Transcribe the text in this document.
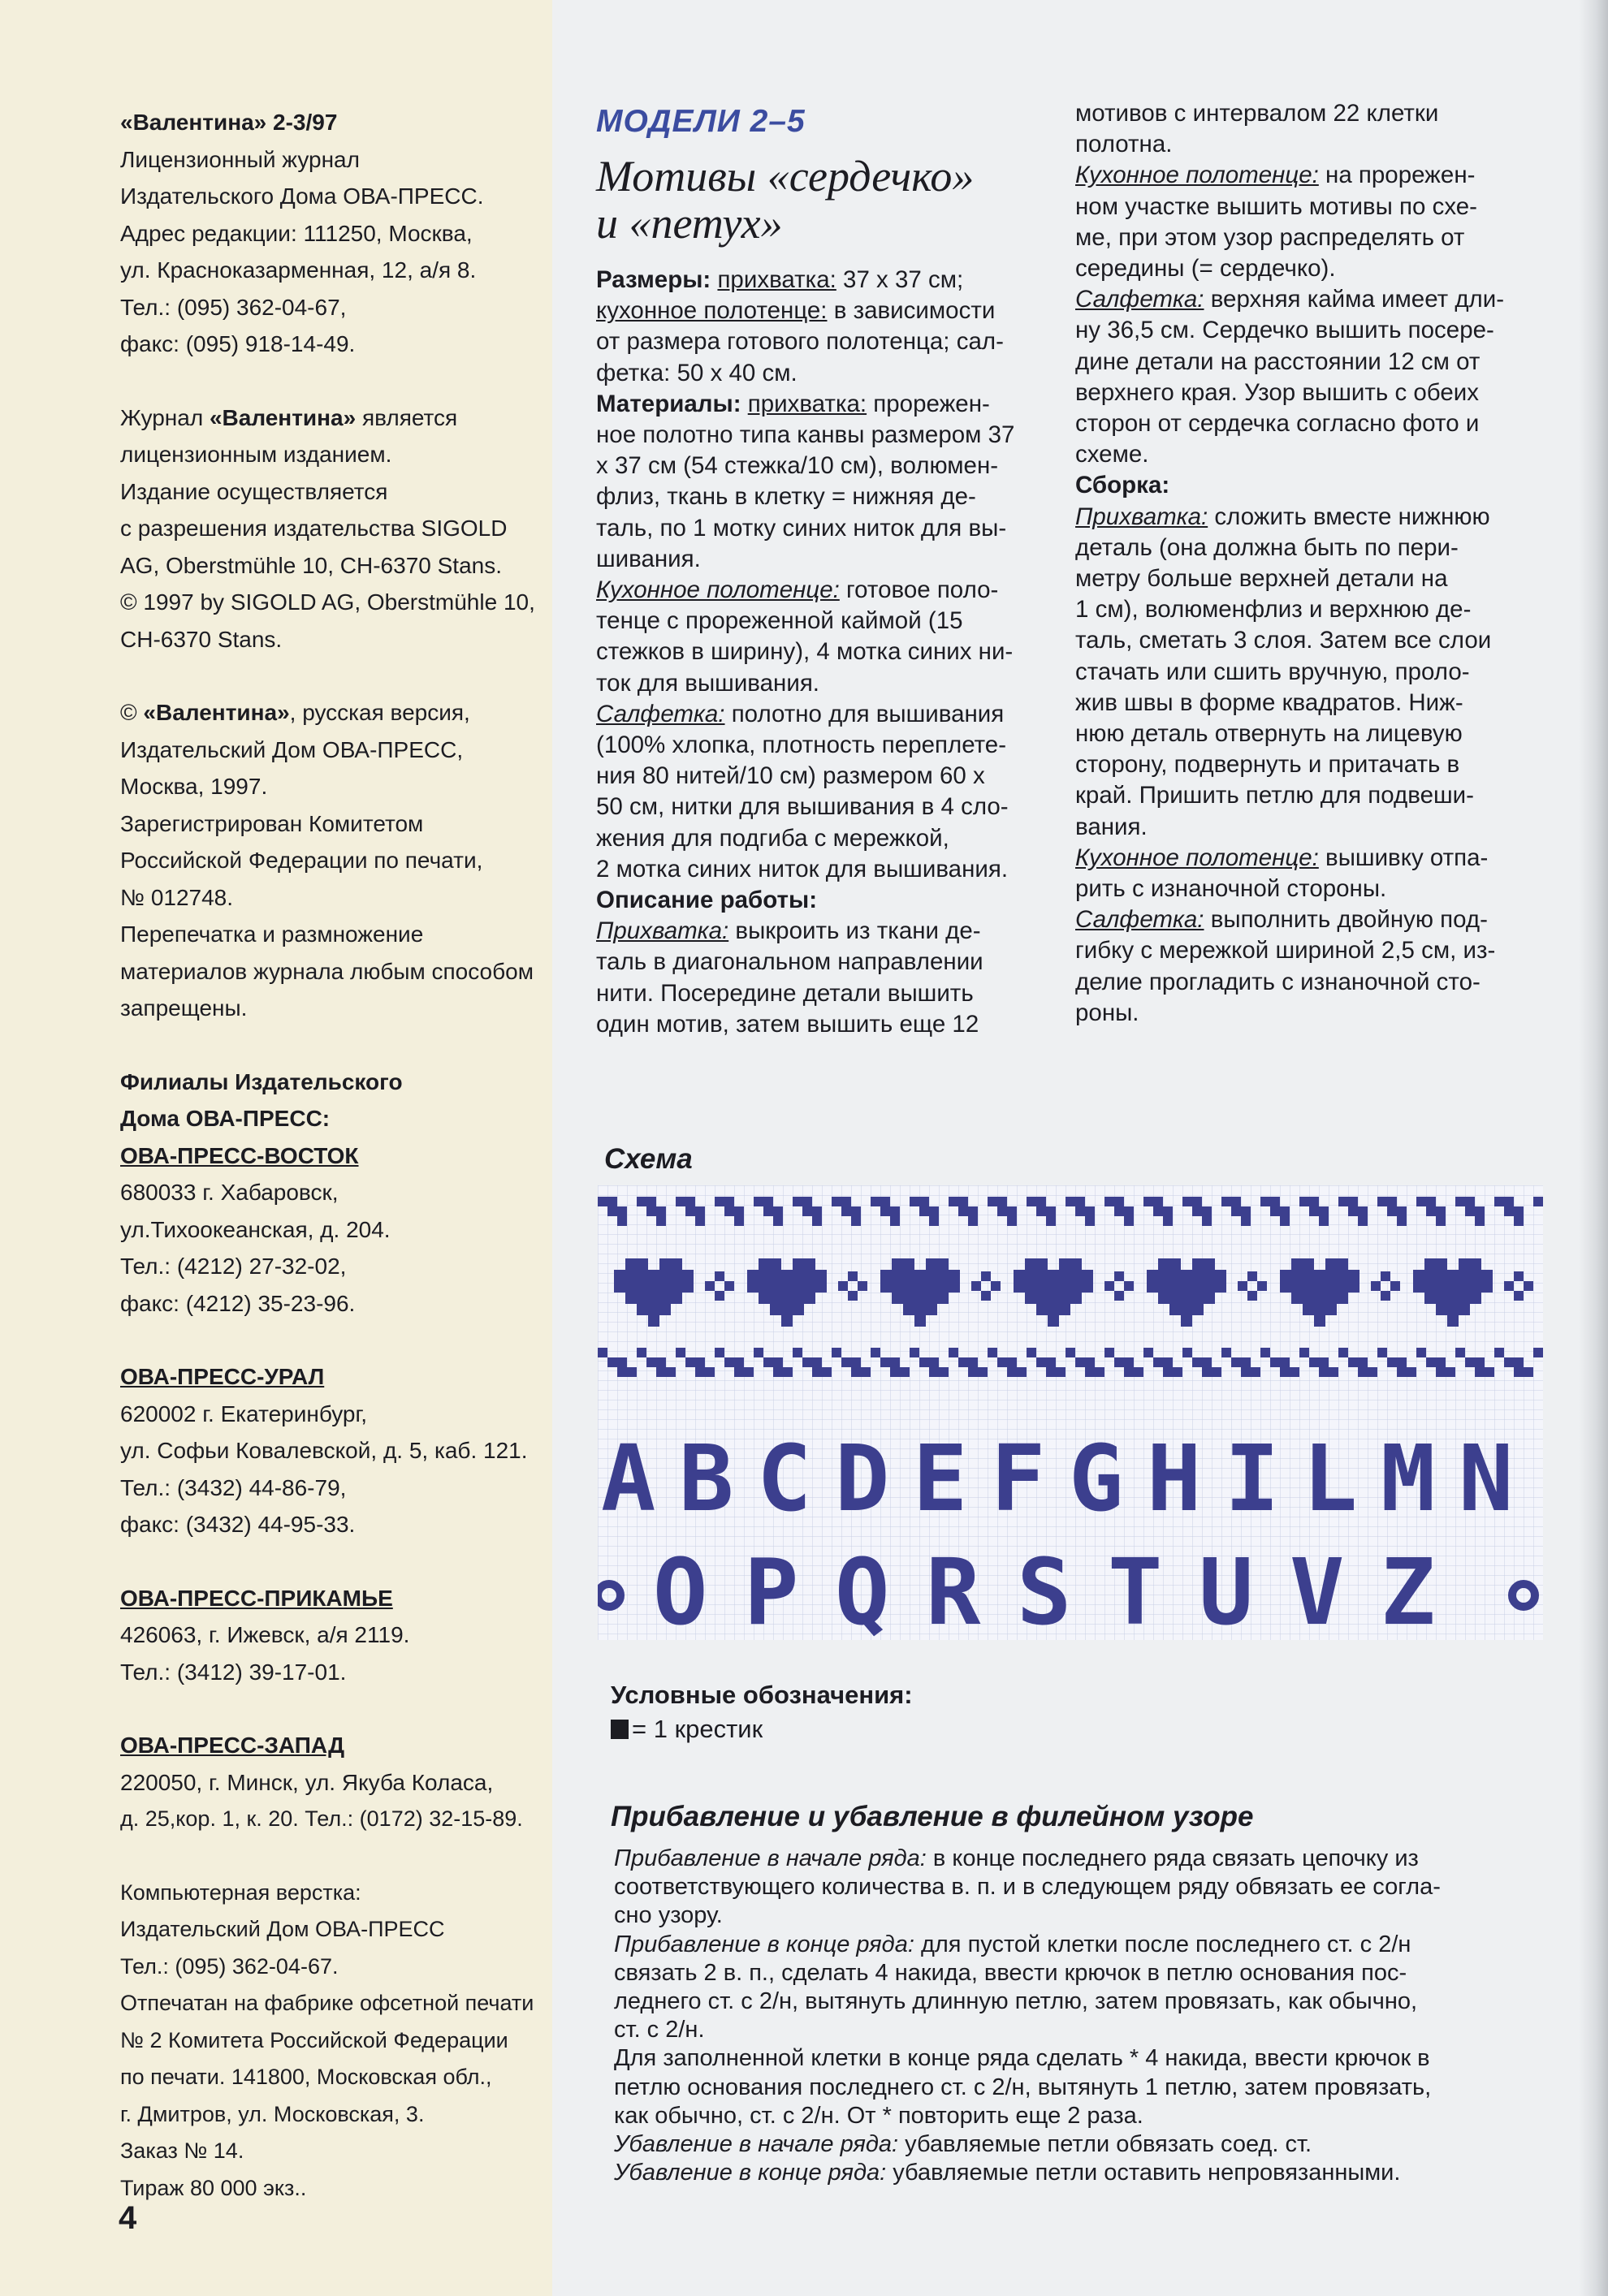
«Валентина» 2-3/97
Лицензионный журнал
Издательского Дома ОВА-ПРЕСС.
Адрес редакции: 111250, Москва,
ул. Красноказарменная, 12, а/я 8.
Тел.: (095) 362-04-67,
факс: (095) 918-14-49.
Журнал «Валентина» является
лицензионным изданием.
Издание осуществляется
с разрешения издательства SIGOLD
AG, Oberstmühle 10, CH-6370 Stans.
© 1997 by SIGOLD AG, Oberstmühle 10,
CH-6370 Stans.
© «Валентина», русская версия,
Издательский Дом ОВА-ПРЕСС,
Москва, 1997.
Зарегистрирован Комитетом
Российской Федерации по печати,
№ 012748.
Перепечатка и размножение
материалов журнала любым способом
запрещены.
Филиалы Издательского
Дома ОВА-ПРЕСС:
ОВА-ПРЕСС-ВОСТОК
680033 г. Хабаровск,
ул.Тихоокеанская, д. 204.
Тел.: (4212) 27-32-02,
факс: (4212) 35-23-96.
ОВА-ПРЕСС-УРАЛ
620002 г. Екатеринбург,
ул. Софьи Ковалевской, д. 5, каб. 121.
Тел.: (3432) 44-86-79,
факс: (3432) 44-95-33.
ОВА-ПРЕСС-ПРИКАМЬЕ
426063, г. Ижевск, а/я 2119.
Тел.: (3412) 39-17-01.
ОВА-ПРЕСС-ЗАПАД
220050, г. Минск, ул. Якуба Коласа,
д. 25,кор. 1, к. 20. Тел.: (0172) 32-15-89.
Компьютерная верстка:
Издательский Дом ОВА-ПРЕСС
Тел.: (095) 362-04-67.
Отпечатан на фабрике офсетной печати
№ 2 Комитета Российской Федерации
по печати. 141800, Московская обл.,
г. Дмитров, ул. Московская, 3.
Заказ № 14.
Тираж 80 000 экз..
4
МОДЕЛИ 2–5
Мотивы «сердечко»
и «петух»
Размеры: прихватка: 37 х 37 см;
кухонное полотенце: в зависимости
от размера готового полотенца; сал-
фетка: 50 х 40 см.
Материалы: прихватка: прорежен-
ное полотно типа канвы размером 37
х 37 см (54 стежка/10 см), волюмен-
флиз, ткань в клетку = нижняя де-
таль, по 1 мотку синих ниток для вы-
шивания.
Кухонное полотенце: готовое поло-
тенце с прореженной каймой (15
стежков в ширину), 4 мотка синих ни-
ток для вышивания.
Салфетка: полотно для вышивания
(100% хлопка, плотность переплете-
ния 80 нитей/10 см) размером 60 х
50 см, нитки для вышивания в 4 сло-
жения для подгиба с мережкой,
2 мотка синих ниток для вышивания.
Описание работы:
Прихватка: выкроить из ткани де-
таль в диагональном направлении
нити. Посередине детали вышить
один мотив, затем вышить еще 12
мотивов с интервалом 22 клетки
полотна.
Кухонное полотенце: на прорежен-
ном участке вышить мотивы по схе-
ме, при этом узор распределять от
середины (= сердечко).
Салфетка: верхняя кайма имеет дли-
ну 36,5 см. Сердечко вышить посере-
дине детали на расстоянии 12 см от
верхнего края. Узор вышить с обеих
сторон от сердечка согласно фото и
схеме.
Сборка:
Прихватка: сложить вместе нижнюю
деталь (она должна быть по пери-
метру больше верхней детали на
1 см), волюменфлиз и верхнюю де-
таль, сметать 3 слоя. Затем все слои
стачать или сшить вручную, проло-
жив швы в форме квадратов. Ниж-
нюю деталь отвернуть на лицевую
сторону, подвернуть и притачать в
край. Пришить петлю для подвеши-
вания.
Кухонное полотенце: вышивку отпа-
рить с изнаночной стороны.
Салфетка: выполнить двойную под-
гибку с мережкой шириной 2,5 см, из-
делие прогладить с изнаночной сто-
роны.
Схема
A B C D E F G H I L M N
O P Q R S T U V Z
Условные обозначения:
= 1 крестик
Прибавление и убавление в филейном узоре
Прибавление в начале ряда: в конце последнего ряда связать цепочку из
соответствующего количества в. п. и в следующем ряду обвязать ее согла-
сно узору.
Прибавление в конце ряда: для пустой клетки после последнего ст. с 2/н
связать 2 в. п., сделать 4 накида, ввести крючок в петлю основания пос-
леднего ст. с 2/н, вытянуть длинную петлю, затем провязать, как обычно,
ст. с 2/н.
Для заполненной клетки в конце ряда сделать * 4 накида, ввести крючок в
петлю основания последнего ст. с 2/н, вытянуть 1 петлю, затем провязать,
как обычно, ст. с 2/н. От * повторить еще 2 раза.
Убавление в начале ряда: убавляемые петли обвязать соед. ст.
Убавление в конце ряда: убавляемые петли оставить непровязанными.
